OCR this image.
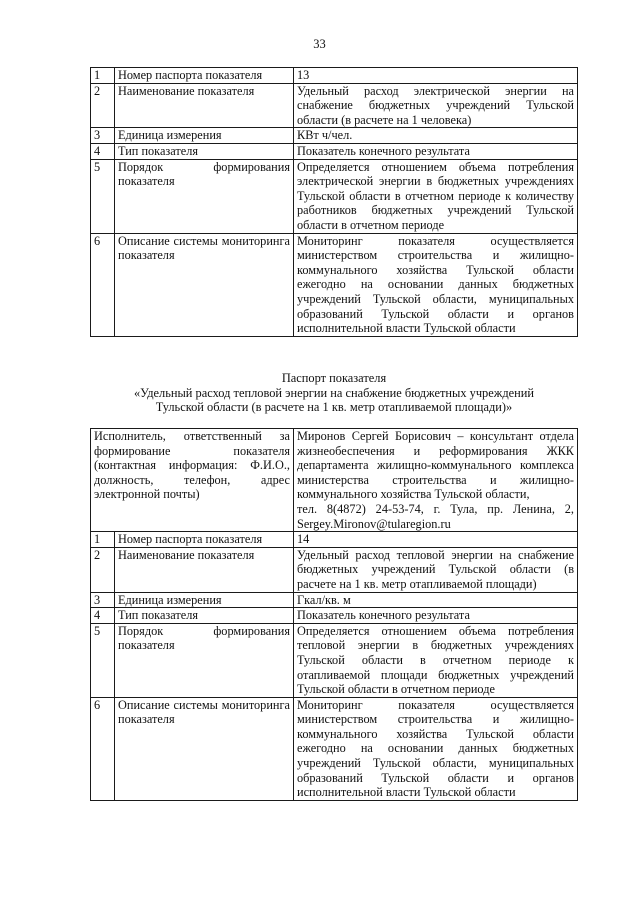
33
1	Номер паспорта показателя	13
2	Наименование показателя	Удельный расход электрической энергии на снабжение бюджетных учреждений Тульской области (в расчете на 1 человека)
3	Единица измерения	КВт ч/чел.
4	Тип показателя	Показатель конечного результата
5	Порядок формирования показателя	Определяется отношением объема потребления электрической энергии в бюджетных учреждениях Тульской области в отчетном периоде к количеству работников бюджетных учреждений Тульской области в отчетном периоде
6	Описание системы мониторинга показателя	Мониторинг показателя осуществляется министерством строительства и жилищно-коммунального хозяйства Тульской области ежегодно на основании данных бюджетных учреждений Тульской области, муниципальных образований Тульской области и органов исполнительной власти Тульской области
Паспорт показателя
«Удельный расход тепловой энергии на снабжение бюджетных учреждений
Тульской области (в расчете на 1 кв. метр отапливаемой площади)»
Исполнитель, ответственный за формирование показателя (контактная информация: Ф.И.О., должность, телефон, адрес электронной почты)		Миронов Сергей Борисович – консультант отдела жизнеобеспечения и реформирования ЖКК департамента жилищно-коммунального комплекса министерства строительства и жилищно-коммунального хозяйства Тульской области,
тел. 8(4872) 24-53-74, г. Тула, пр. Ленина, 2, Sergey.Mironov@tularegion.ru

1	Номер паспорта показателя	14
2	Наименование показателя	Удельный расход тепловой энергии на снабжение бюджетных учреждений Тульской области (в расчете на 1 кв. метр отапливаемой площади)
3	Единица измерения	Гкал/кв. м
4	Тип показателя	Показатель конечного результата
5	Порядок формирования показателя	Определяется отношением объема потребления тепловой энергии в бюджетных учреждениях Тульской области в отчетном периоде к отапливаемой площади бюджетных учреждений Тульской области в отчетном периоде
6	Описание системы мониторинга показателя	Мониторинг показателя осуществляется министерством строительства и жилищно-коммунального хозяйства Тульской области ежегодно на основании данных бюджетных учреждений Тульской области, муниципальных образований Тульской области и органов исполнительной власти Тульской области
